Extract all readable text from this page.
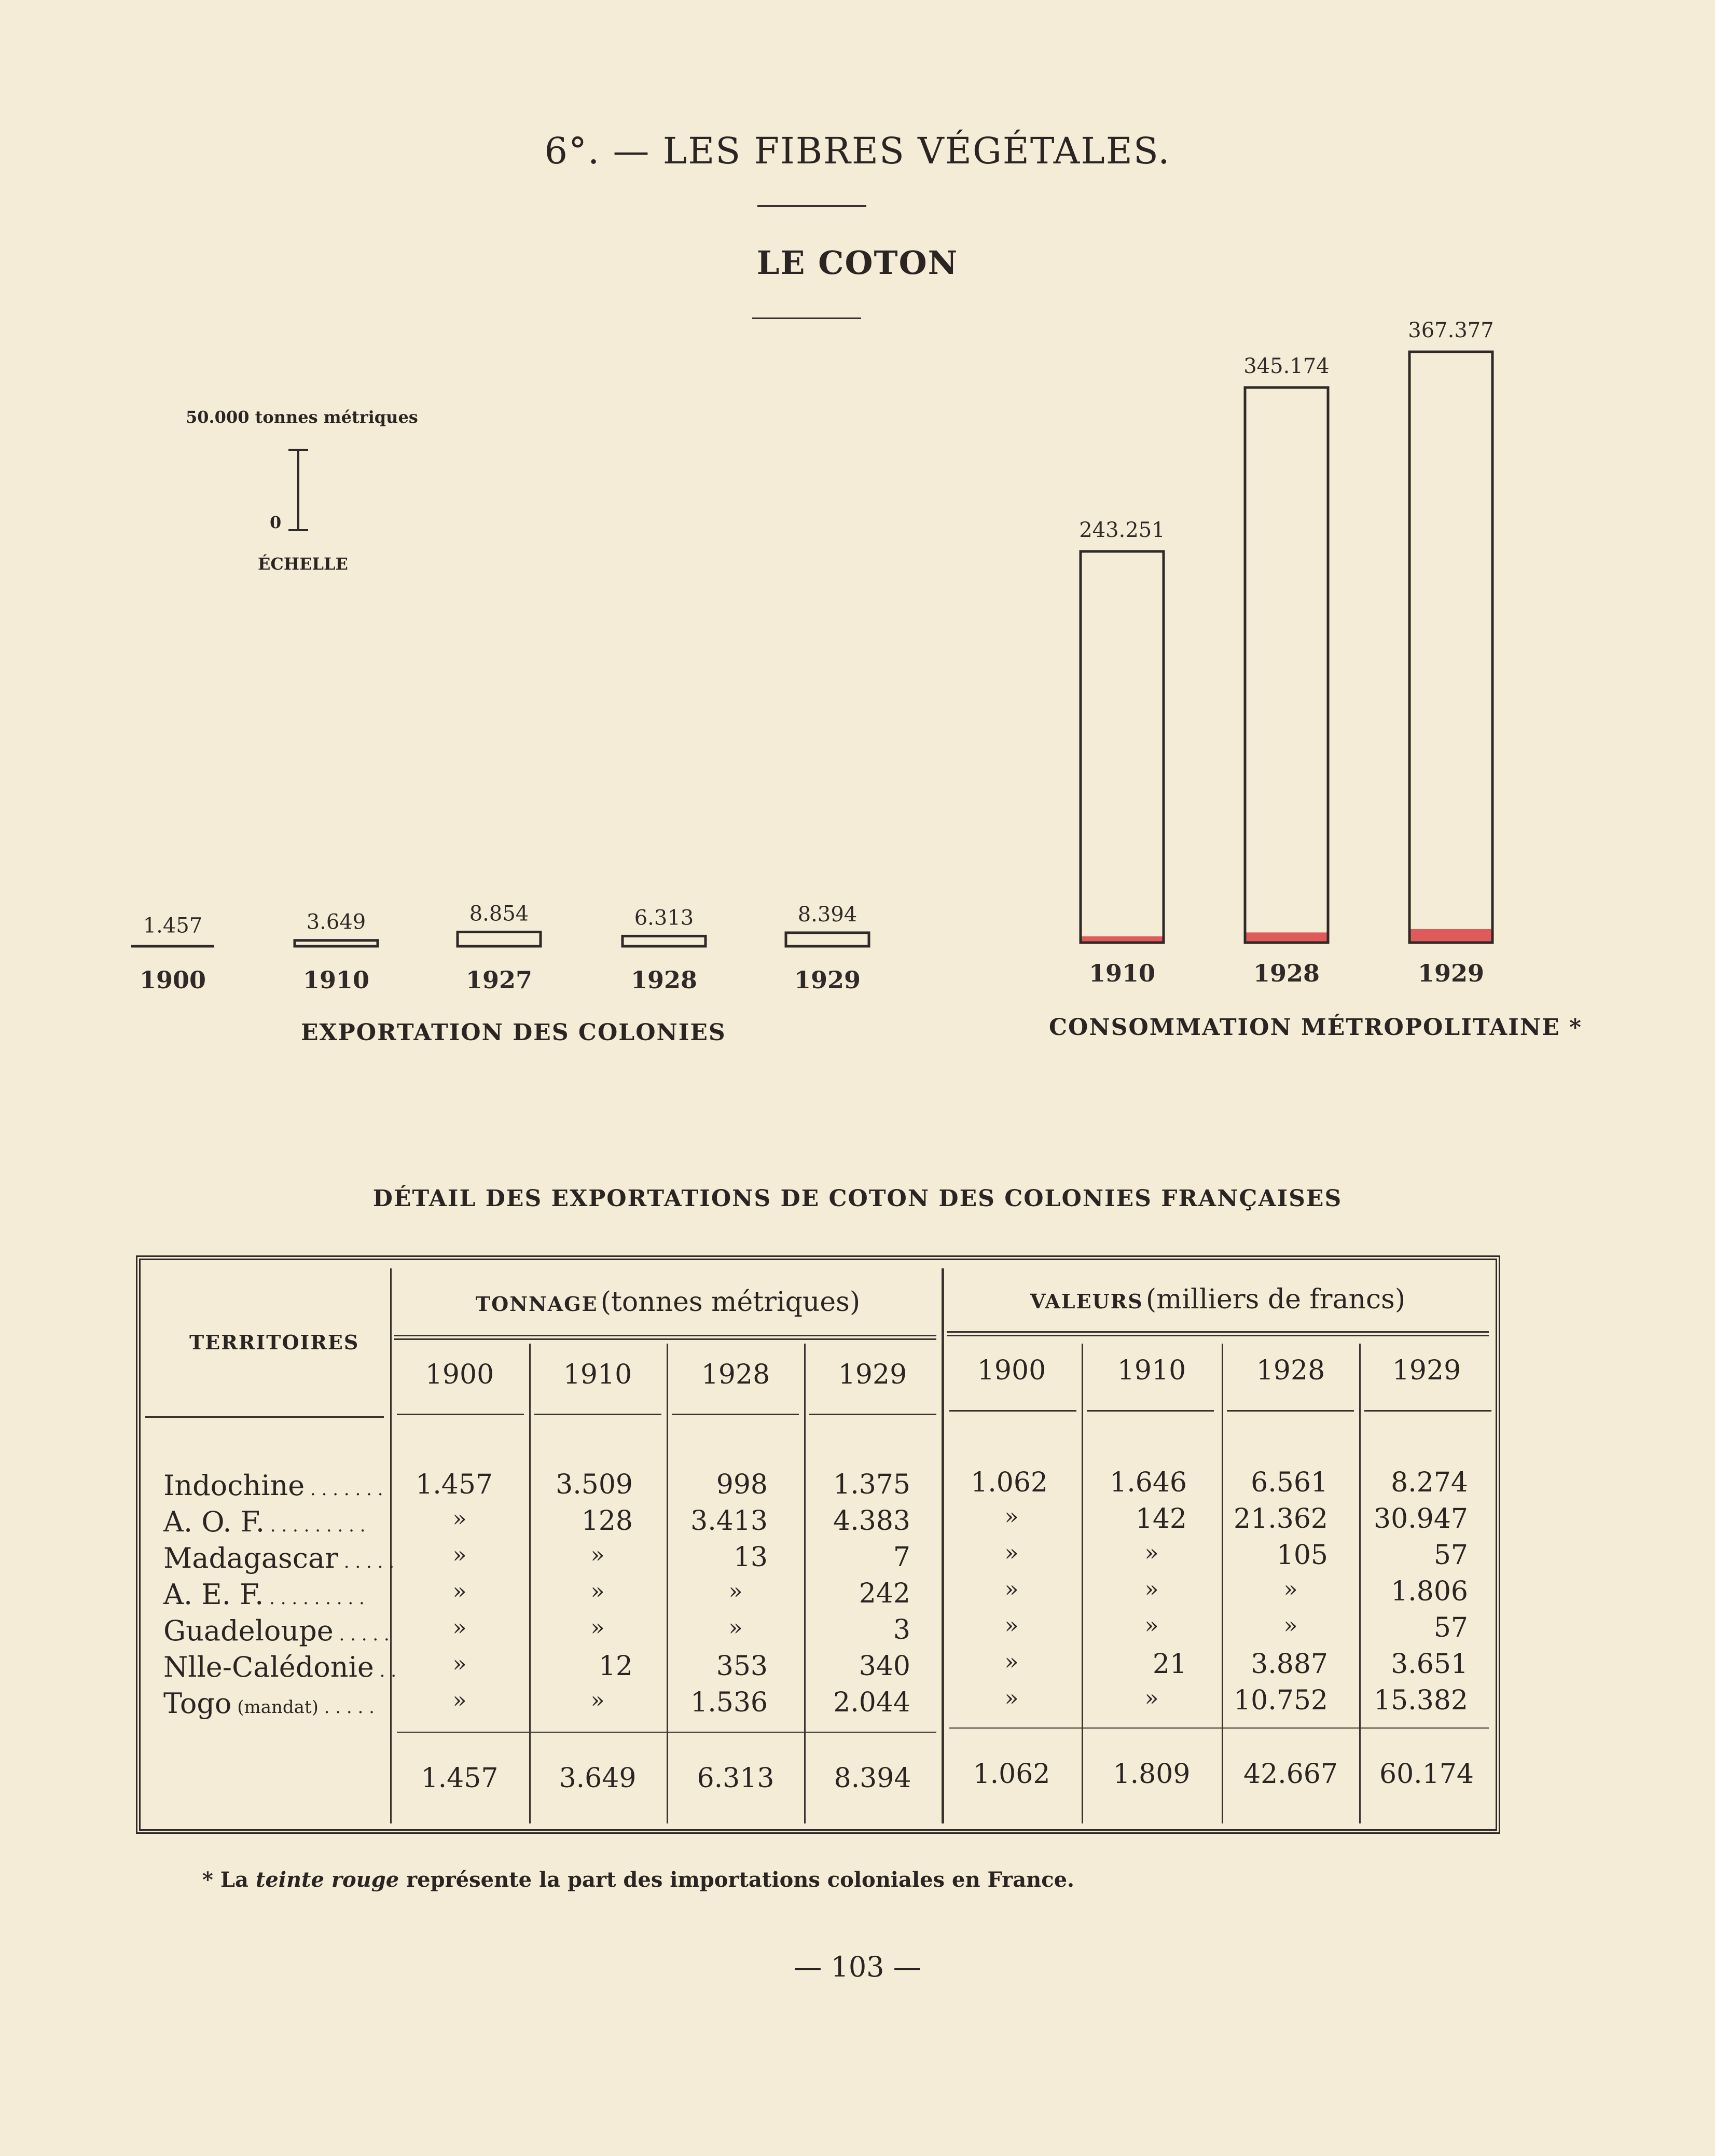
6°. — LES FIBRES VÉGÉTALES.
LE COTON
50.000 tonnes métriques
0
ÉCHELLE
1.457
1900
3.649
1910
8.854
1927
6.313
1928
8.394
1929
243.251
1910
345.174
1928
367.377
1929
EXPORTATION DES COLONIES	CONSOMMATION MÉTROPOLITAINE *
DÉTAIL DES EXPORTATIONS DE COTON DES COLONIES FRANÇAISES
TERRITOIRES
TONNAGE (tonnes métriques)	VALEURS (milliers de francs)
1900	1910	1928	1929	1900	1910	1928	1929
Indochine . . . . . . .	1.457	3.509	998	1.375	1.062	1.646	6.561	8.274
A. O. F. . . . . . . . . .	»	128	3.413	4.383	»	142	21.362	30.947
Madagascar . . . . .	»	»	13	7	»	»	105	57
A. E. F. . . . . . . . . .	»	»	»	242	»	»	»	1.806
Guadeloupe . . . . .	»	»	»	3	»	»	»	57
Nlle-Calédonie . .	»	12	353	340	»	21	3.887	3.651
Togo (mandat) . . . . .	»	»	1.536	2.044	»	»	10.752	15.382
1.457	3.649	6.313	8.394	1.062	1.809	42.667	60.174
* La teinte rouge représente la part des importations coloniales en France.
— 103 —
